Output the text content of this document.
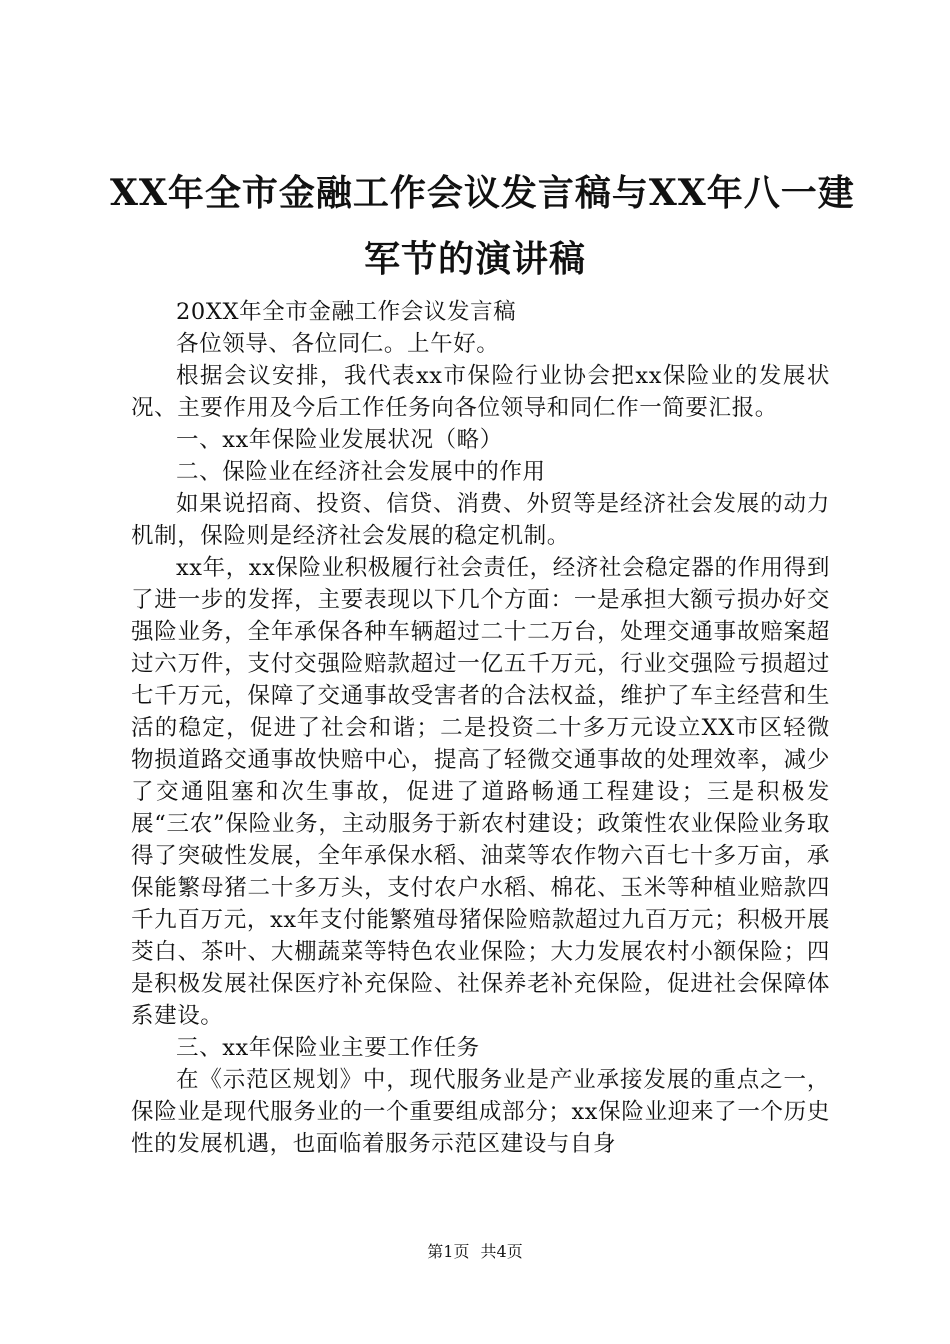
XX年全市金融工作会议发言稿与XX年八一建
军节的演讲稿

20XX年全市金融工作会议发言稿

各位领导、各位同仁。上午好。

根据会议安排，我代表xx市保险行业协会把xx保险业的发展状况、主要作用及今后工作任务向各位领导和同仁作一简要汇报。

一、xx年保险业发展状况（略）

二、保险业在经济社会发展中的作用

如果说招商、投资、信贷、消费、外贸等是经济社会发展的动力机制，保险则是经济社会发展的稳定机制。

xx年，xx保险业积极履行社会责任，经济社会稳定器的作用得到了进一步的发挥，主要表现以下几个方面：一是承担大额亏损办好交强险业务，全年承保各种车辆超过二十二万台，处理交通事故赔案超过六万件，支付交强险赔款超过一亿五千万元，行业交强险亏损超过七千万元，保障了交通事故受害者的合法权益，维护了车主经营和生活的稳定，促进了社会和谐；二是投资二十多万元设立XX市区轻微物损道路交通事故快赔中心，提高了轻微交通事故的处理效率，减少了交通阻塞和次生事故，促进了道路畅通工程建设；三是积极发展“三农”保险业务，主动服务于新农村建设；政策性农业保险业务取得了突破性发展，全年承保水稻、油菜等农作物六百七十多万亩，承保能繁母猪二十多万头，支付农户水稻、棉花、玉米等种植业赔款四千九百万元，xx年支付能繁殖母猪保险赔款超过九百万元；积极开展茭白、茶叶、大棚蔬菜等特色农业保险；大力发展农村小额保险；四是积极发展社保医疗补充保险、社保养老补充保险，促进社会保障体系建设。

三、xx年保险业主要工作任务

在《示范区规划》中，现代服务业是产业承接发展的重点之一，保险业是现代服务业的一个重要组成部分；xx保险业迎来了一个历史性的发展机遇，也面临着服务示范区建设与自身

第1页 共4页
